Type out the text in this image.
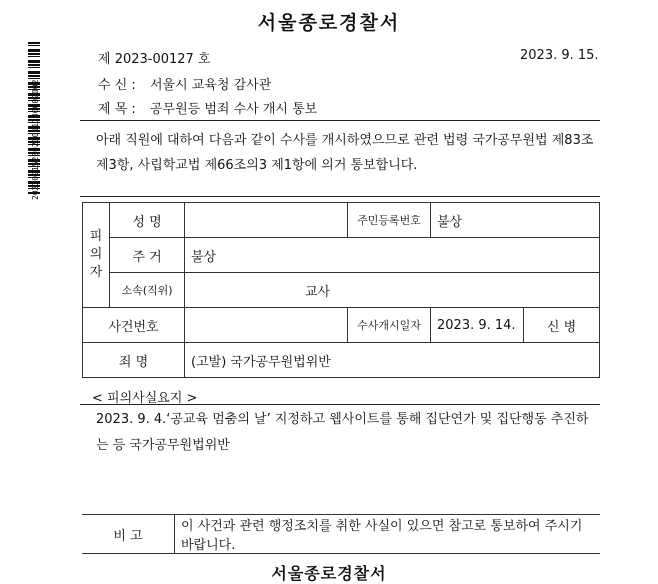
서울종로경찰서
2023091520020011180002002
제 2023-00127 호	2023. 9. 15.
수 신 : 서울시 교육청 감사관
제 목 : 공무원등 범죄 수사 개시 통보
아래 직원에 대하여 다음과 같이 수사를 개시하였으므로 관련 법령 국가공무원법 제83조 제3항, 사립학교법 제66조의3 제1항에 의거 통보합니다.
피
의
자	성 명		주민등록번호	불상	
	주 거	불상			
	소속(직위)	교사			
사건번호			수사개시일자	2023. 9. 14.	신 병
죄 명		(고발) 국가공무원법위반			
< 피의사실요지 >
2023. 9. 4.‘공교육 멈춤의 날’ 지정하고 웹사이트를 통해 집단연가 및 집단행동 추진하는 등 국가공무원법위반
비 고	이 사건과 관련 행정조치를 취한 사실이 있으면 참고로 통보하여 주시기 바랍니다.
서울종로경찰서
